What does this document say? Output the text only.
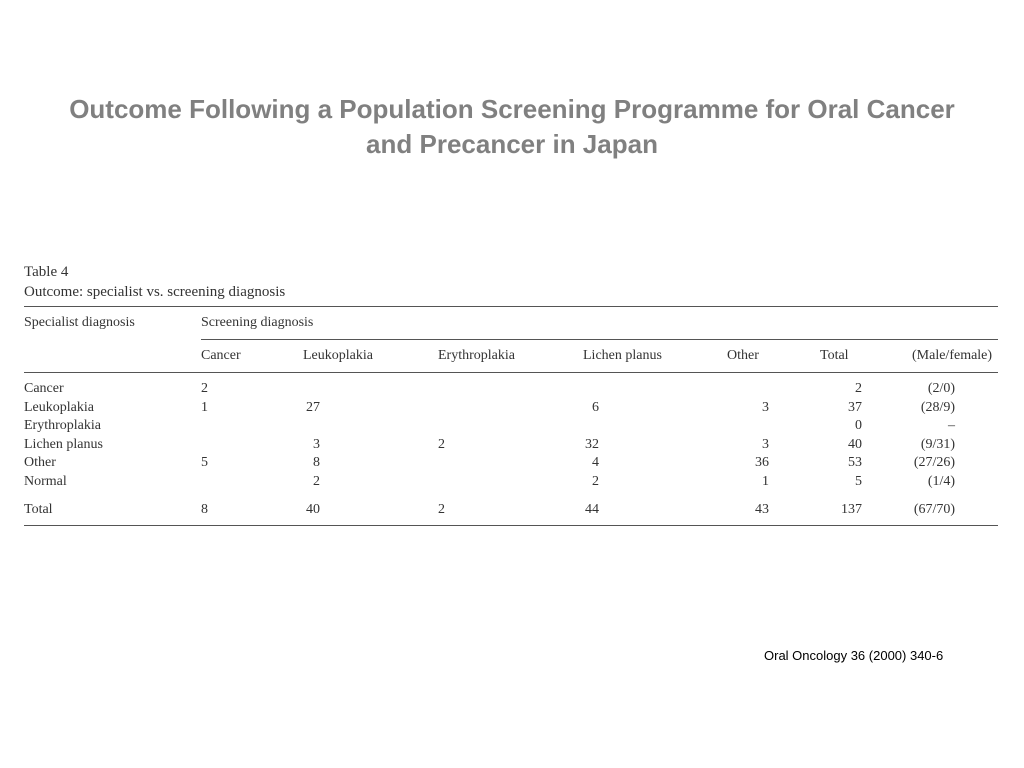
Outcome Following a Population Screening Programme for Oral Cancer and Precancer in Japan
Table 4
Outcome: specialist vs. screening diagnosis
Specialist diagnosis	Screening diagnosis						
	Cancer	Leukoplakia	Erythroplakia	Lichen planus	Other	Total	(Male/female)
Cancer	2					2	(2/0)
Leukoplakia	1	27		6	3	37	(28/9)
Erythroplakia						0	–
Lichen planus		3	2	32	3	40	(9/31)
Other	5	8		4	36	53	(27/26)
Normal		2		2	1	5	(1/4)
Total	8	40	2	44	43	137	(67/70)
Oral Oncology 36 (2000) 340-6
